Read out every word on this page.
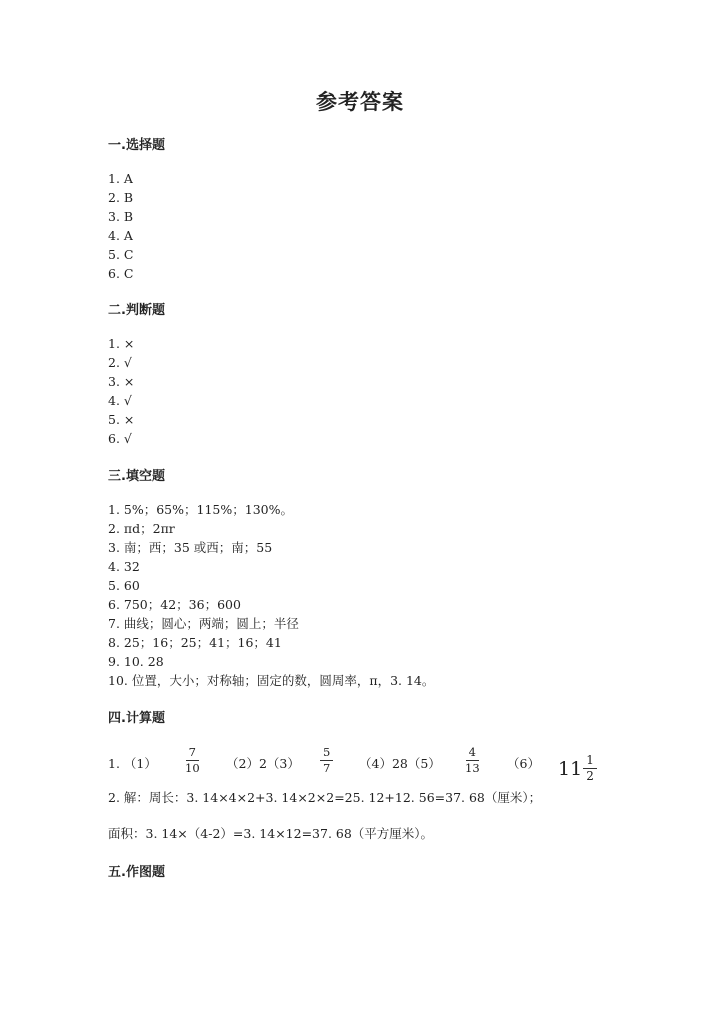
参考答案
一.选择题
1. A
2. B
3. B
4. A
5. C
6. C
二.判断题
1. ×
2. √
3. ×
4. √
5. ×
6. √
三.填空题
1. 5%；65%；115%；130%。
2. πd；2πr
3. 南；西；35 或西；南；55
4. 32
5. 60
6. 750；42；36；600
7. 曲线；圆心；两端；圆上；半径
8. 25；16；25；41；16；41
9. 10. 28
10. 位置，大小；对称轴；固定的数，圆周率，π，3. 14。
四.计算题
1. $(1) \frac{7}{10} (2)2(3) \frac{5}{7} (4)28(5) \frac{4}{13} (6)$ $11 \frac{1}{2}$
2. 解：周长：3. 14×4×2+3. 14×2×2=25. 12+12. 56=37. 68（厘米）；
面积：3. 14×（4-2）=3. 14×12=37. 68（平方厘米）。
五.作图题
